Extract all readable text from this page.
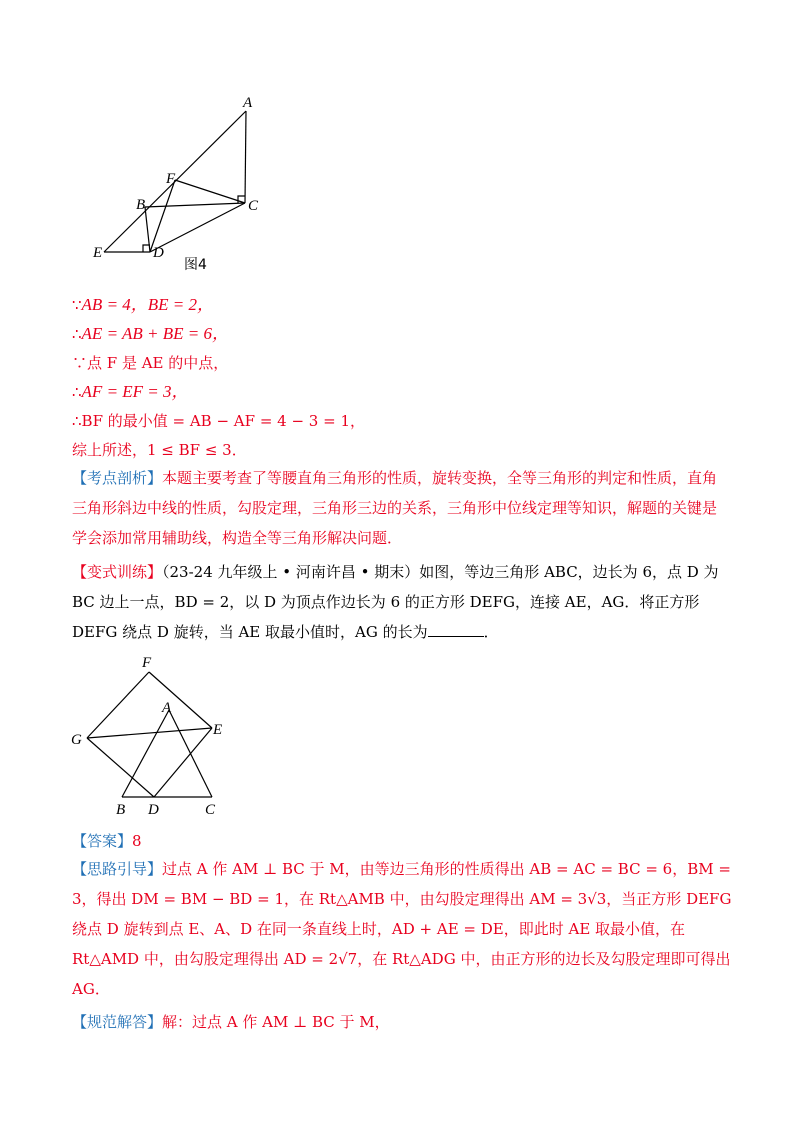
A
F
B	C
E	D
图4
∵AB = 4，BE = 2，
∴AE = AB + BE = 6，
∵点 F 是 AE 的中点，
∴AF = EF = 3，
∴BF 的最小值 = AB − AF = 4 − 3 = 1，
综上所述，1 ≤ BF ≤ 3．
【考点剖析】本题主要考查了等腰直角三角形的性质，旋转变换，全等三角形的判定和性质，直角三角形斜边中线的性质，勾股定理，三角形三边的关系，三角形中位线定理等知识，解题的关键是 学会添加常用辅助线，构造全等三角形解决问题．
【变式训练】（23-24 九年级上 • 河南许昌 • 期末）如图，等边三角形 ABC，边长为 6，点 D 为 BC 边上一点，BD = 2，以 D 为顶点作边长为 6 的正方形 DEFG，连接 AE，AG．将正方形 DEFG 绕点 D 旋转，当 AE 取最小值时，AG 的长为	．
F
A
E
G
B D	C
【答案】8
【思路引导】过点 A 作 AM ⊥ BC 于 M，由等边三角形的性质得出 AB = AC = BC = 6，BM = 3，得出 DM = BM − BD = 1，在 Rt△AMB 中，由勾股定理得出 AM = 3√3，当正方形 DEFG 绕点 D 旋转到点 E、A、D 在同一条直线上时，AD + AE = DE，即此时 AE 取最小值，在 Rt△AMD 中，由勾股定理得出 AD = 2√7，在 Rt△ADG 中，由正方形的边长及勾股定理即可得出 AG．
【规范解答】解：过点 A 作 AM ⊥ BC 于 M，
